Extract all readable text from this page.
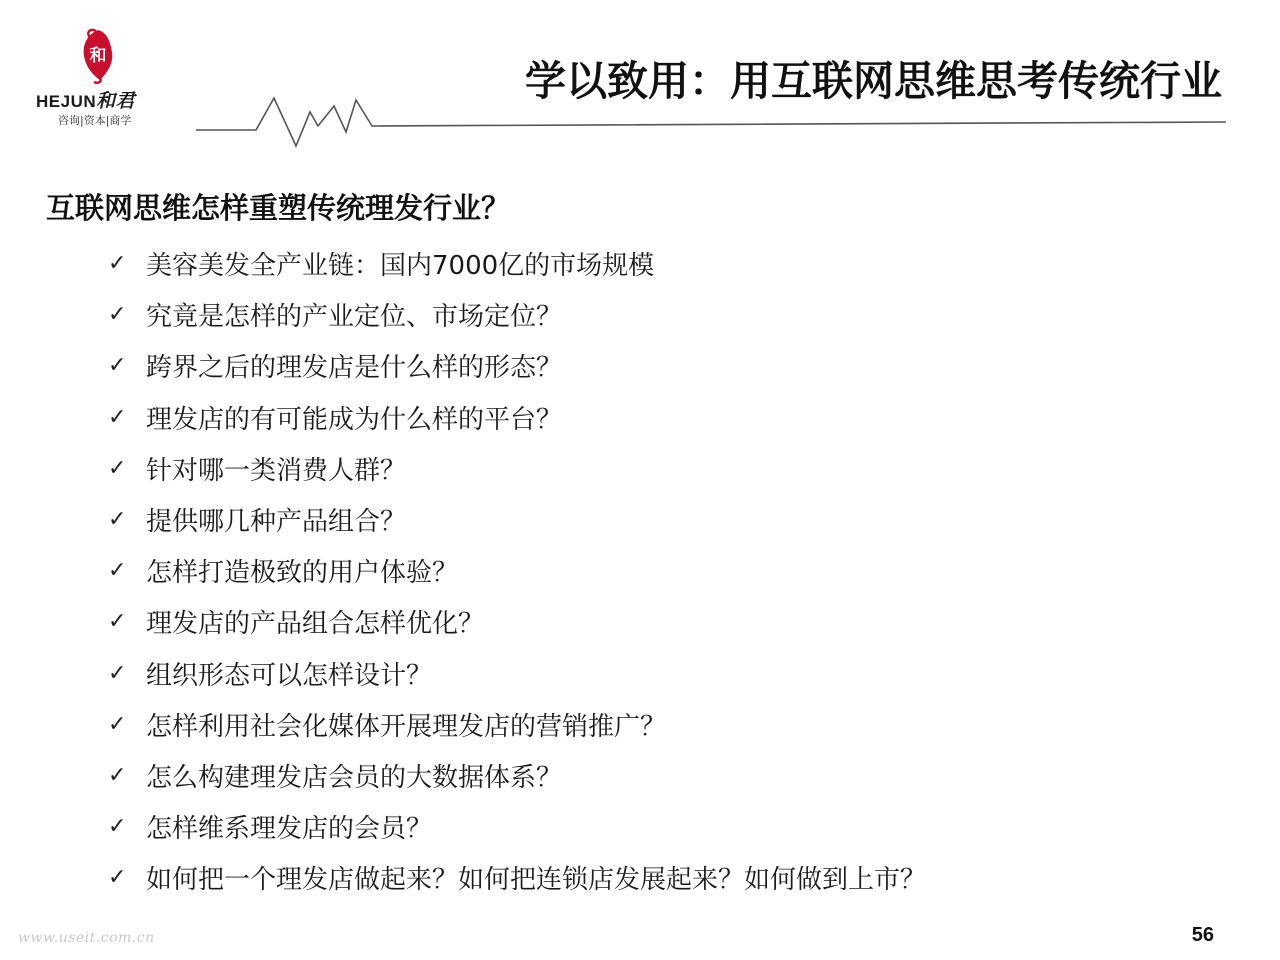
和
HEJUN和君
咨询|资本|商学
学以致用：用互联网思维思考传统行业
互联网思维怎样重塑传统理发行业？
✓ 美容美发全产业链：国内7000亿的市场规模
✓ 究竟是怎样的产业定位、市场定位？
✓ 跨界之后的理发店是什么样的形态？
✓ 理发店的有可能成为什么样的平台？
✓ 针对哪一类消费人群？
✓ 提供哪几种产品组合？
✓ 怎样打造极致的用户体验？
✓ 理发店的产品组合怎样优化？
✓ 组织形态可以怎样设计？
✓ 怎样利用社会化媒体开展理发店的营销推广？
✓ 怎么构建理发店会员的大数据体系？
✓ 怎样维系理发店的会员？
✓ 如何把一个理发店做起来？如何把连锁店发展起来？如何做到上市？
www.useit.com.cn	56
